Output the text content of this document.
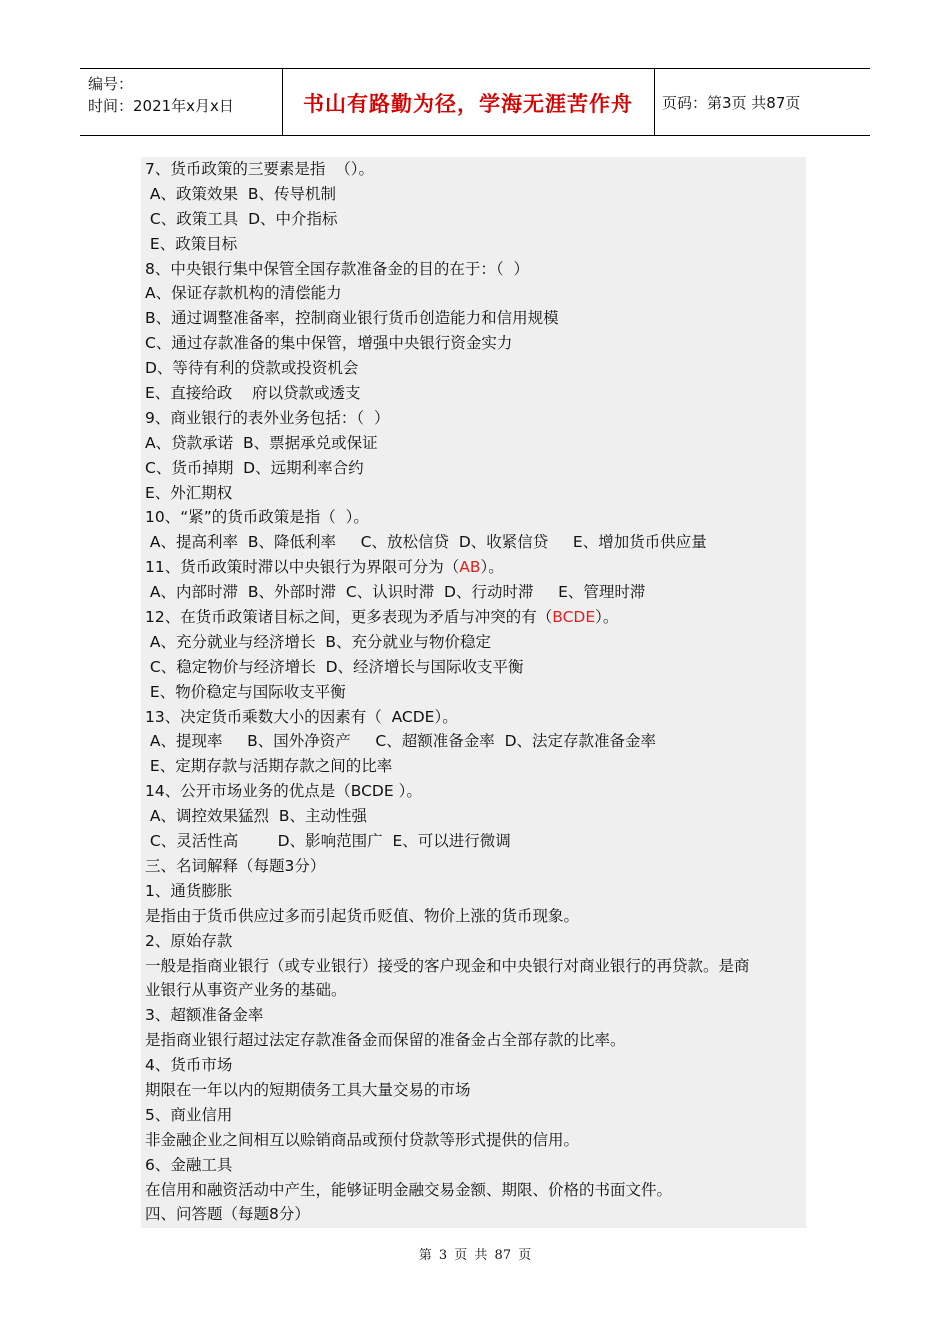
编号：
时间：2021年x月x日	书山有路勤为径，学海无涯苦作舟	页码：第3页 共87页
7、货币政策的三要素是指  （）。
A、政策效果  B、传导机制
C、政策工具  D、中介指标
E、政策目标
8、中央银行集中保管全国存款准备金的目的在于：（  ）
A、保证存款机构的清偿能力
B、通过调整准备率，控制商业银行货币创造能力和信用规模
C、通过存款准备的集中保管，增强中央银行资金实力
D、等待有利的贷款或投资机会
E、直接给政    府以贷款或透支
9、商业银行的表外业务包括：（  ）
A、贷款承诺  B、票据承兑或保证
C、货币掉期  D、远期利率合约
E、外汇期权
10、“紧”的货币政策是指（  ）。
A、提高利率  B、降低利率     C、放松信贷  D、收紧信贷     E、增加货币供应量
11、货币政策时滞以中央银行为界限可分为（AB）。
A、内部时滞  B、外部时滞  C、认识时滞  D、行动时滞     E、管理时滞
12、在货币政策诸目标之间，更多表现为矛盾与冲突的有（BCDE）。
A、充分就业与经济增长  B、充分就业与物价稳定
C、稳定物价与经济增长  D、经济增长与国际收支平衡
E、物价稳定与国际收支平衡
13、决定货币乘数大小的因素有（  ACDE）。
A、提现率     B、国外净资产     C、超额准备金率  D、法定存款准备金率
E、定期存款与活期存款之间的比率
14、公开市场业务的优点是（BCDE ）。
A、调控效果猛烈  B、主动性强
C、灵活性高        D、影响范围广  E、可以进行微调
三、名词解释（每题3分）
1、通货膨胀
是指由于货币供应过多而引起货币贬值、物价上涨的货币现象。
2、原始存款
一般是指商业银行（或专业银行）接受的客户现金和中央银行对商业银行的再贷款。是商
业银行从事资产业务的基础。
3、超额准备金率
是指商业银行超过法定存款准备金而保留的准备金占全部存款的比率。
4、货币市场
期限在一年以内的短期债务工具大量交易的市场
5、商业信用
非金融企业之间相互以赊销商品或预付贷款等形式提供的信用。
6、金融工具
在信用和融资活动中产生，能够证明金融交易金额、期限、价格的书面文件。
四、问答题（每题8分）
第 3 页 共 87 页
